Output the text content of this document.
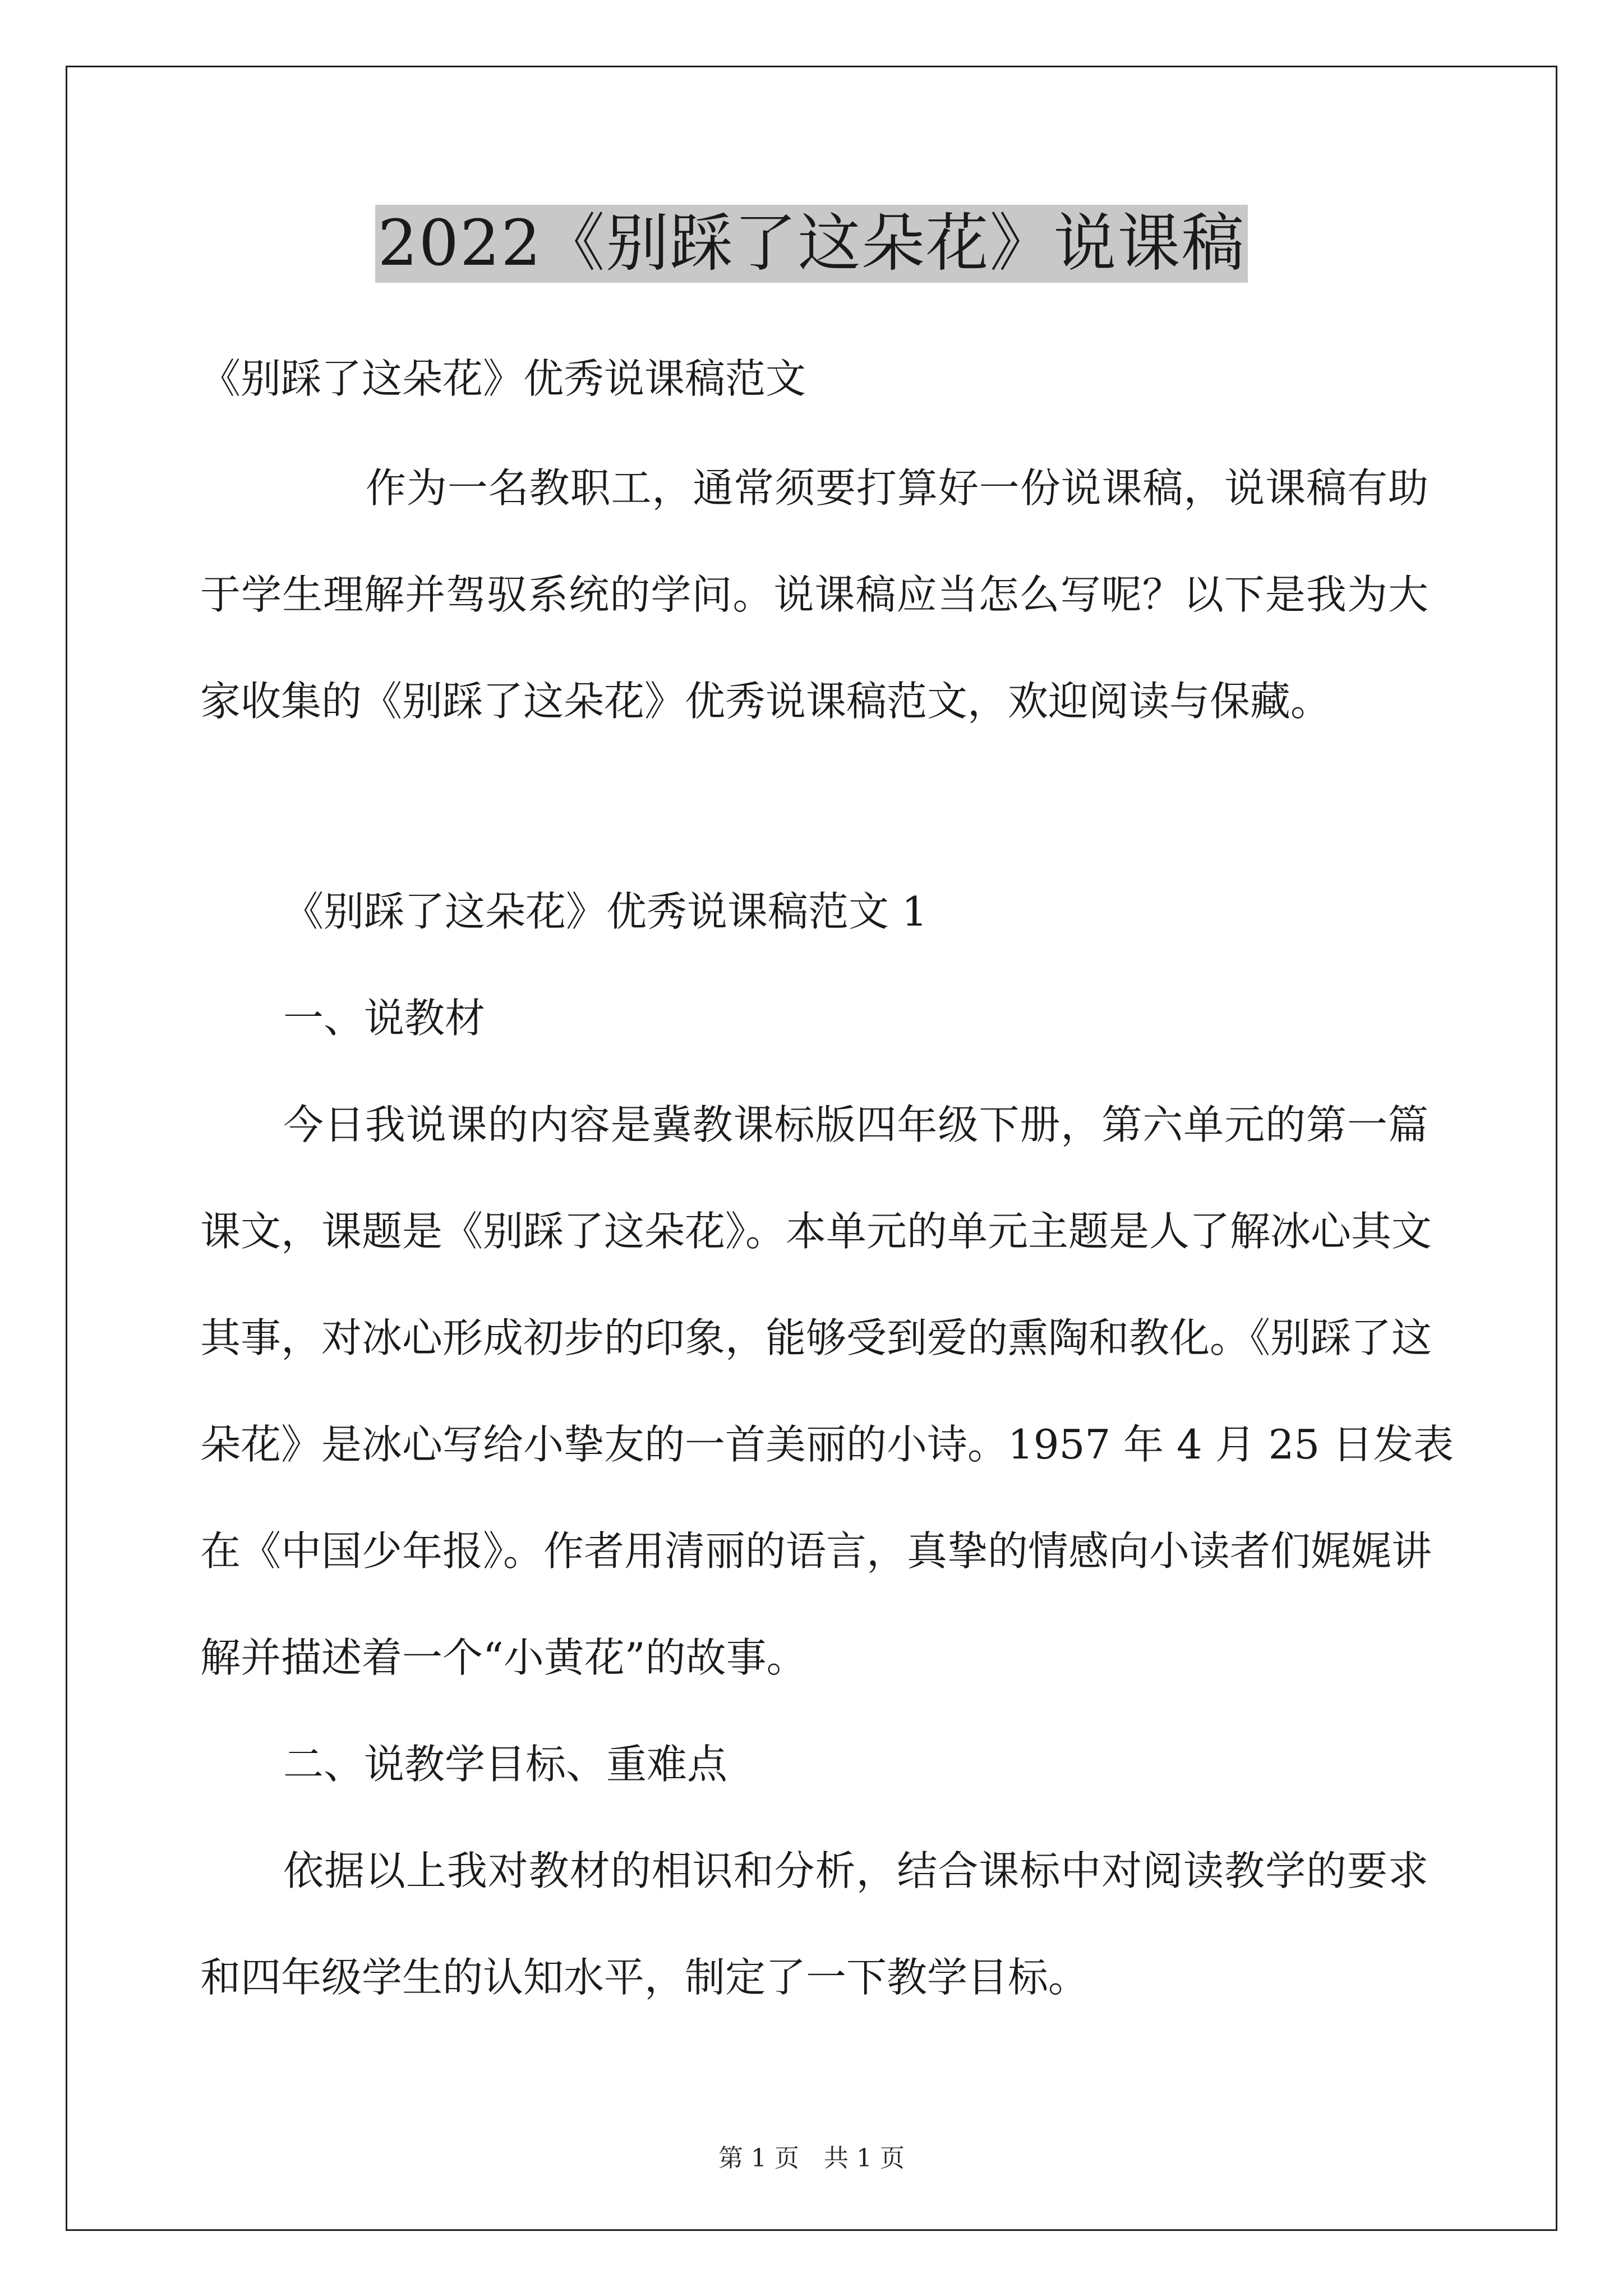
2022《别踩了这朵花》说课稿
《别踩了这朵花》优秀说课稿范文
作为一名教职工，通常须要打算好一份说课稿，说课稿有助
于学生理解并驾驭系统的学问。说课稿应当怎么写呢？以下是我为大
家收集的《别踩了这朵花》优秀说课稿范文，欢迎阅读与保藏。
《别踩了这朵花》优秀说课稿范文 1
一、说教材
今日我说课的内容是冀教课标版四年级下册，第六单元的第一篇
课文，课题是《别踩了这朵花》。本单元的单元主题是人了解冰心其文
其事，对冰心形成初步的印象，能够受到爱的熏陶和教化。《别踩了这
朵花》是冰心写给小挚友的一首美丽的小诗。1957 年 4 月 25 日发表
在《中国少年报》。作者用清丽的语言，真挚的情感向小读者们娓娓讲
解并描述着一个“小黄花”的故事。
二、说教学目标、重难点
依据以上我对教材的相识和分析，结合课标中对阅读教学的要求
和四年级学生的认知水平，制定了一下教学目标。
第 1 页　共 1 页
